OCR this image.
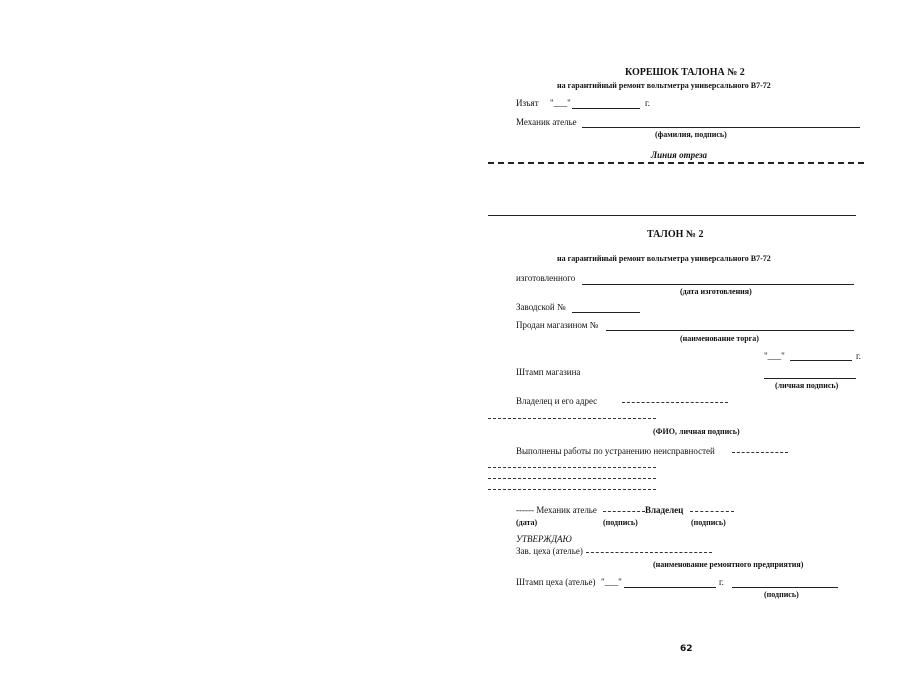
КОРЕШОК ТАЛОНА № 2
на гарантийный ремонт вольтметра универсального В7-72
Изъят "___"	г.
Механик ателье
(фамилия, подпись)
Линия отреза
ТАЛОН № 2
на гарантийный ремонт вольтметра универсального В7-72
изготовленного
(дата изготовления)
Заводской №
Продан магазином №
(наименование торга)
"___"	г.
Штамп магазина
(личная подпись)
Владелец и его адрес
(ФИО, личная подпись)
Выполнены работы по устранению неисправностей
------ Механик ателье	Владелец
(дата)	(подпись)	(подпись)
УТВЕРЖДАЮ
Зав. цеха (ателье)
(наименование ремонтного предприятия)
Штамп цеха (ателье) "___"	г.
(подпись)
62
